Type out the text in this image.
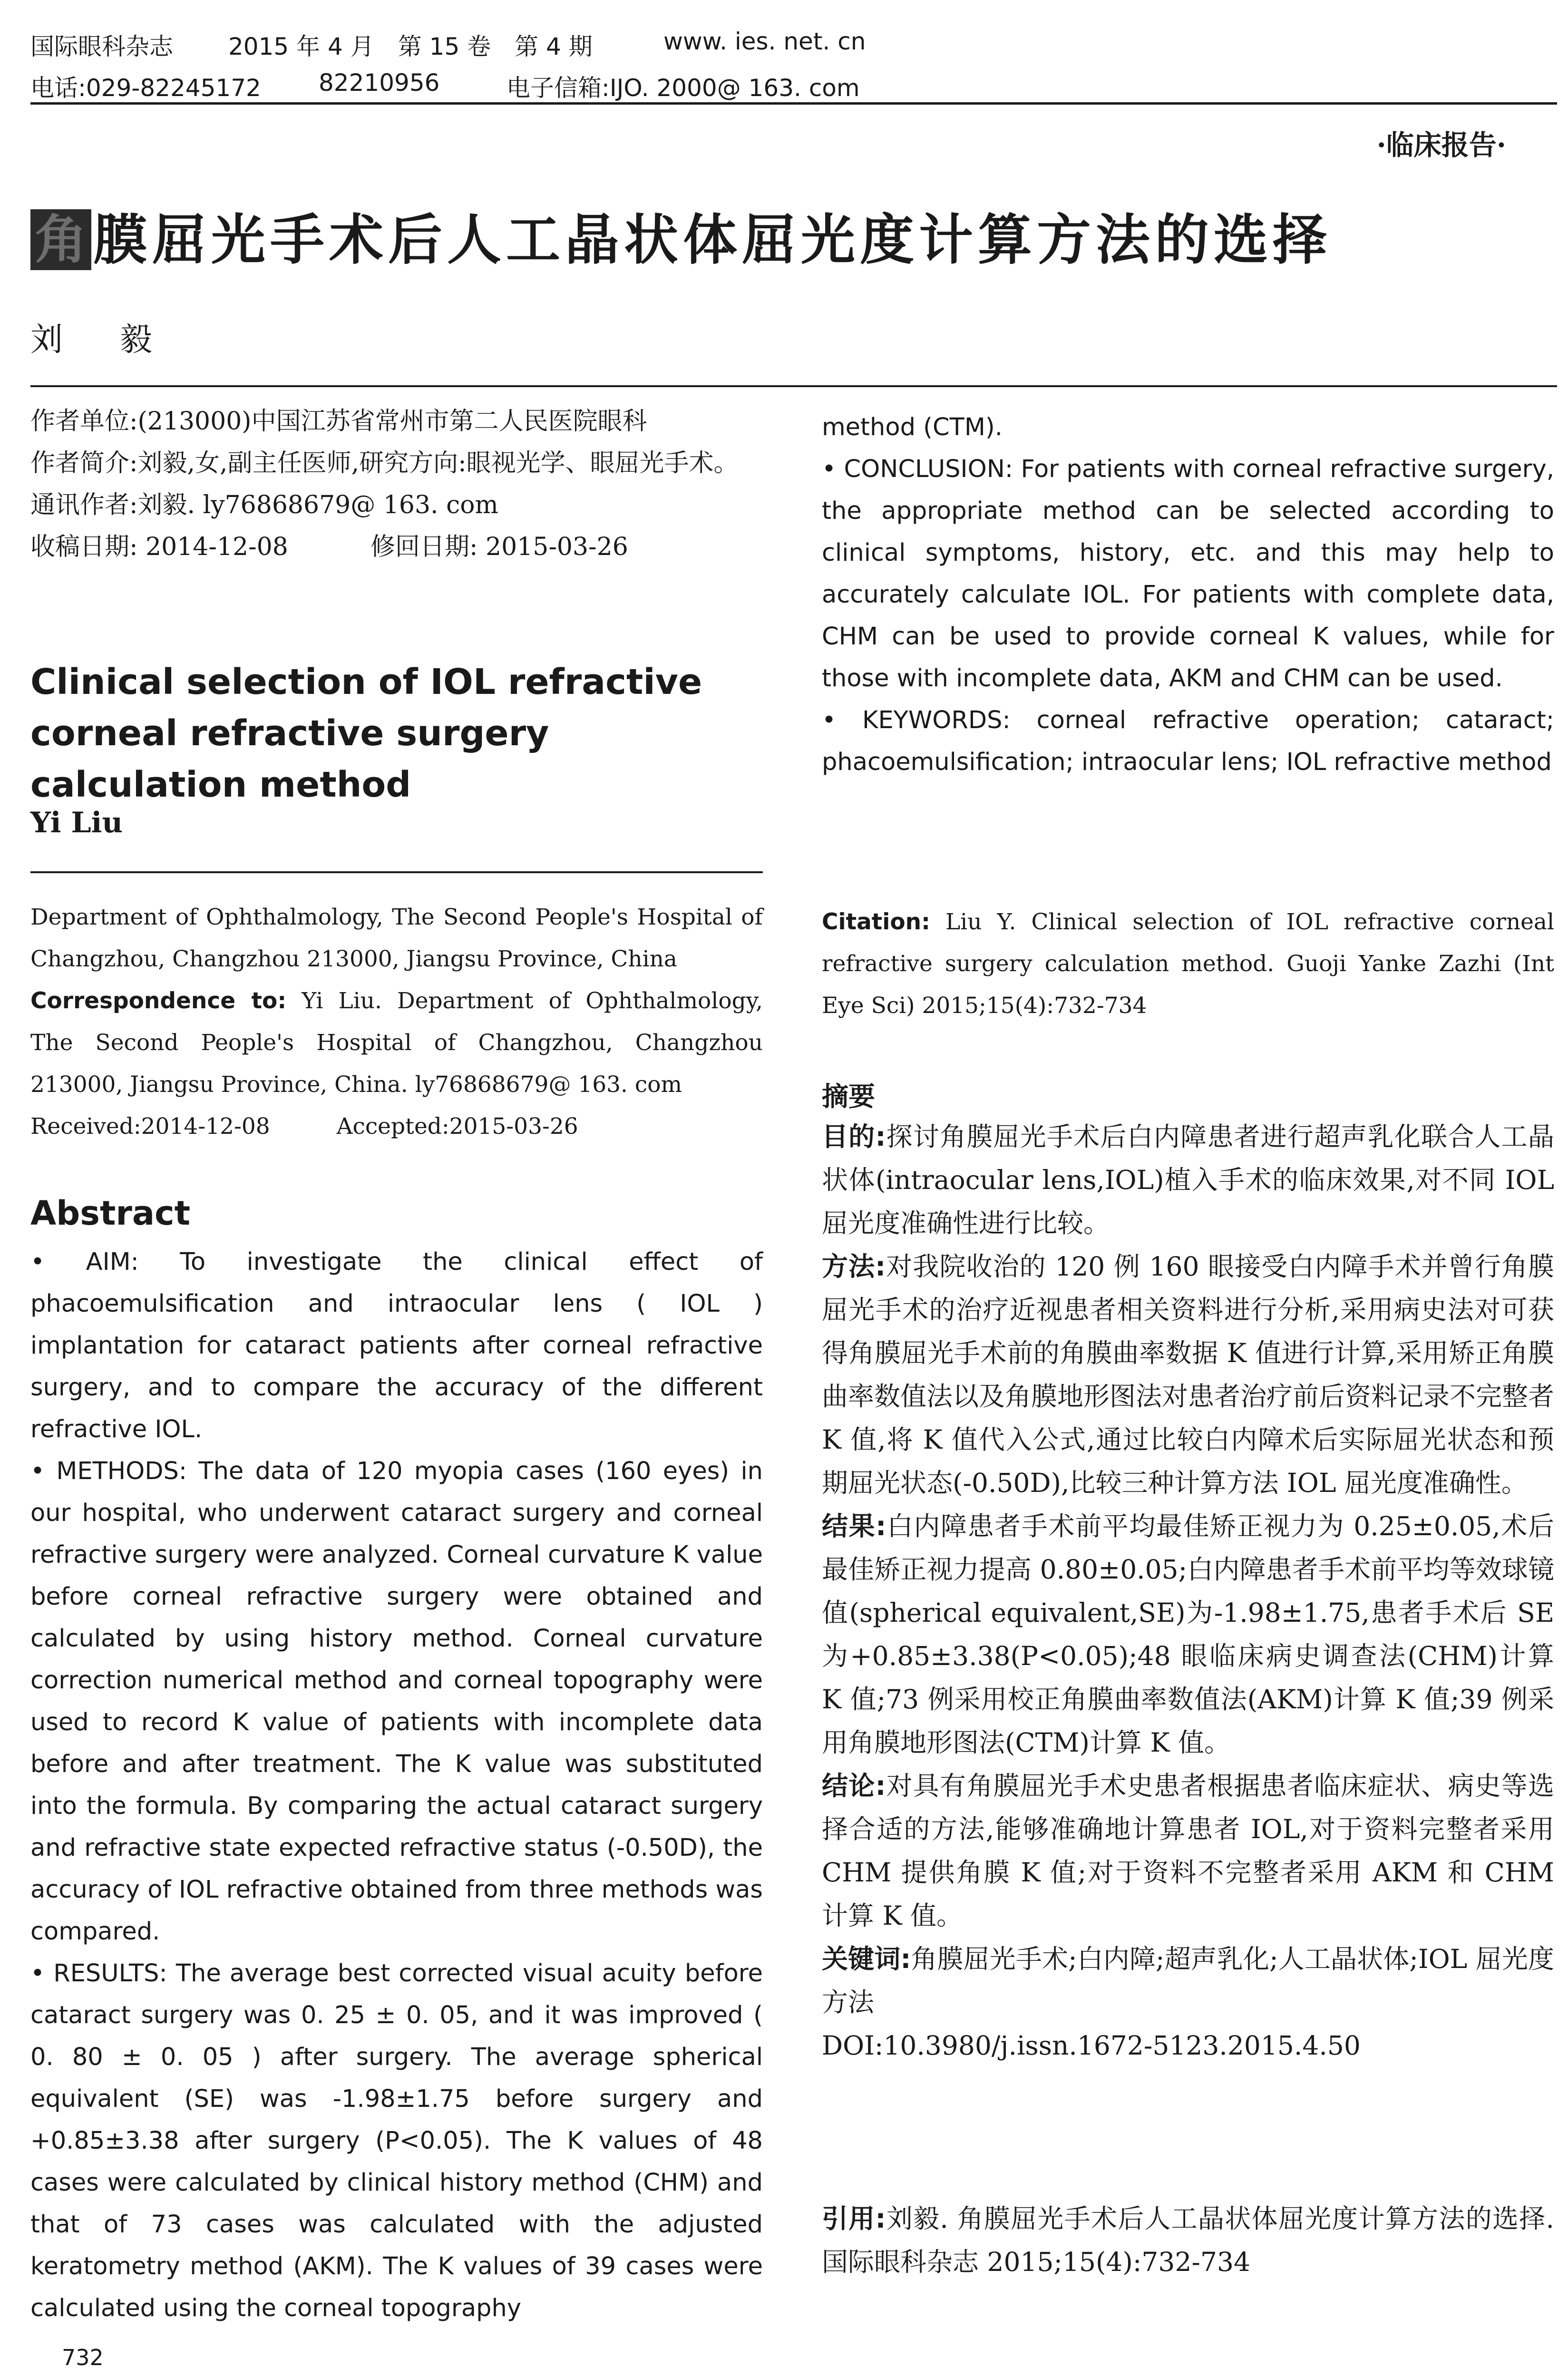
国际眼科杂志 2015 年 4 月　第 15 卷　第 4 期	www. ies. net. cn
电话:029-82245172 82210956	电子信箱:IJO. 2000@ 163. com
·临床报告·
角 膜屈光手术后人工晶状体屈光度计算方法的选择
刘毅

作者单位:(213000)中国江苏省常州市第二人民医院眼科

作者简介:刘毅,女,副主任医师,研究方向:眼视光学、眼屈光手术。

通讯作者:刘毅. ly76868679@ 163. com

收稿日期: 2014-12-08	修回日期: 2015-03-26

Clinical selection of IOL refractive corneal refractive surgery calculation method
Yi Liu

Department of Ophthalmology, The Second People's Hospital of Changzhou, Changzhou 213000, Jiangsu Province, China

Correspondence to: Yi Liu. Department of Ophthalmology, The Second People's Hospital of Changzhou, Changzhou 213000, Jiangsu Province, China. ly76868679@ 163. com

Received:2014-12-08	Accepted:2015-03-26

Abstract

• AIM: To investigate the clinical effect of phacoemulsification and intraocular lens ( IOL ) implantation for cataract patients after corneal refractive surgery, and to compare the accuracy of the different refractive IOL.

• METHODS: The data of 120 myopia cases (160 eyes) in our hospital, who underwent cataract surgery and corneal refractive surgery were analyzed. Corneal curvature K value before corneal refractive surgery were obtained and calculated by using history method. Corneal curvature correction numerical method and corneal topography were used to record K value of patients with incomplete data before and after treatment. The K value was substituted into the formula. By comparing the actual cataract surgery and refractive state expected refractive status (-0.50D), the accuracy of IOL refractive obtained from three methods was compared.

• RESULTS: The average best corrected visual acuity before cataract surgery was 0. 25 ± 0. 05, and it was improved ( 0. 80 ± 0. 05 ) after surgery. The average spherical equivalent (SE) was -1.98±1.75 before surgery and +0.85±3.38 after surgery (P<0.05). The K values of 48 cases were calculated by clinical history method (CHM) and that of 73 cases was calculated with the adjusted keratometry method (AKM). The K values of 39 cases were calculated using the corneal topography

method (CTM).

• CONCLUSION: For patients with corneal refractive surgery, the appropriate method can be selected according to clinical symptoms, history, etc. and this may help to accurately calculate IOL. For patients with complete data, CHM can be used to provide corneal K values, while for those with incomplete data, AKM and CHM can be used.

• KEYWORDS: corneal refractive operation; cataract; phacoemulsification; intraocular lens; IOL refractive method

Citation: Liu Y. Clinical selection of IOL refractive corneal refractive surgery calculation method. Guoji Yanke Zazhi (Int Eye Sci) 2015;15(4):732-734

摘要

目的:探讨角膜屈光手术后白内障患者进行超声乳化联合人工晶状体(intraocular lens,IOL)植入手术的临床效果,对不同 IOL 屈光度准确性进行比较。

方法:对我院收治的 120 例 160 眼接受白内障手术并曾行角膜屈光手术的治疗近视患者相关资料进行分析,采用病史法对可获得角膜屈光手术前的角膜曲率数据 K 值进行计算,采用矫正角膜曲率数值法以及角膜地形图法对患者治疗前后资料记录不完整者 K 值,将 K 值代入公式,通过比较白内障术后实际屈光状态和预期屈光状态(-0.50D),比较三种计算方法 IOL 屈光度准确性。

结果:白内障患者手术前平均最佳矫正视力为 0.25±0.05,术后最佳矫正视力提高 0.80±0.05;白内障患者手术前平均等效球镜值(spherical equivalent,SE)为-1.98±1.75,患者手术后 SE 为+0.85±3.38(P<0.05);48 眼临床病史调查法(CHM)计算 K 值;73 例采用校正角膜曲率数值法(AKM)计算 K 值;39 例采用角膜地形图法(CTM)计算 K 值。

结论:对具有角膜屈光手术史患者根据患者临床症状、病史等选择合适的方法,能够准确地计算患者 IOL,对于资料完整者采用 CHM 提供角膜 K 值;对于资料不完整者采用 AKM 和 CHM 计算 K 值。

关键词:角膜屈光手术;白内障;超声乳化;人工晶状体;IOL 屈光度方法

DOI:10.3980/j.issn.1672-5123.2015.4.50

引用:刘毅. 角膜屈光手术后人工晶状体屈光度计算方法的选择. 国际眼科杂志 2015;15(4):732-734

732
